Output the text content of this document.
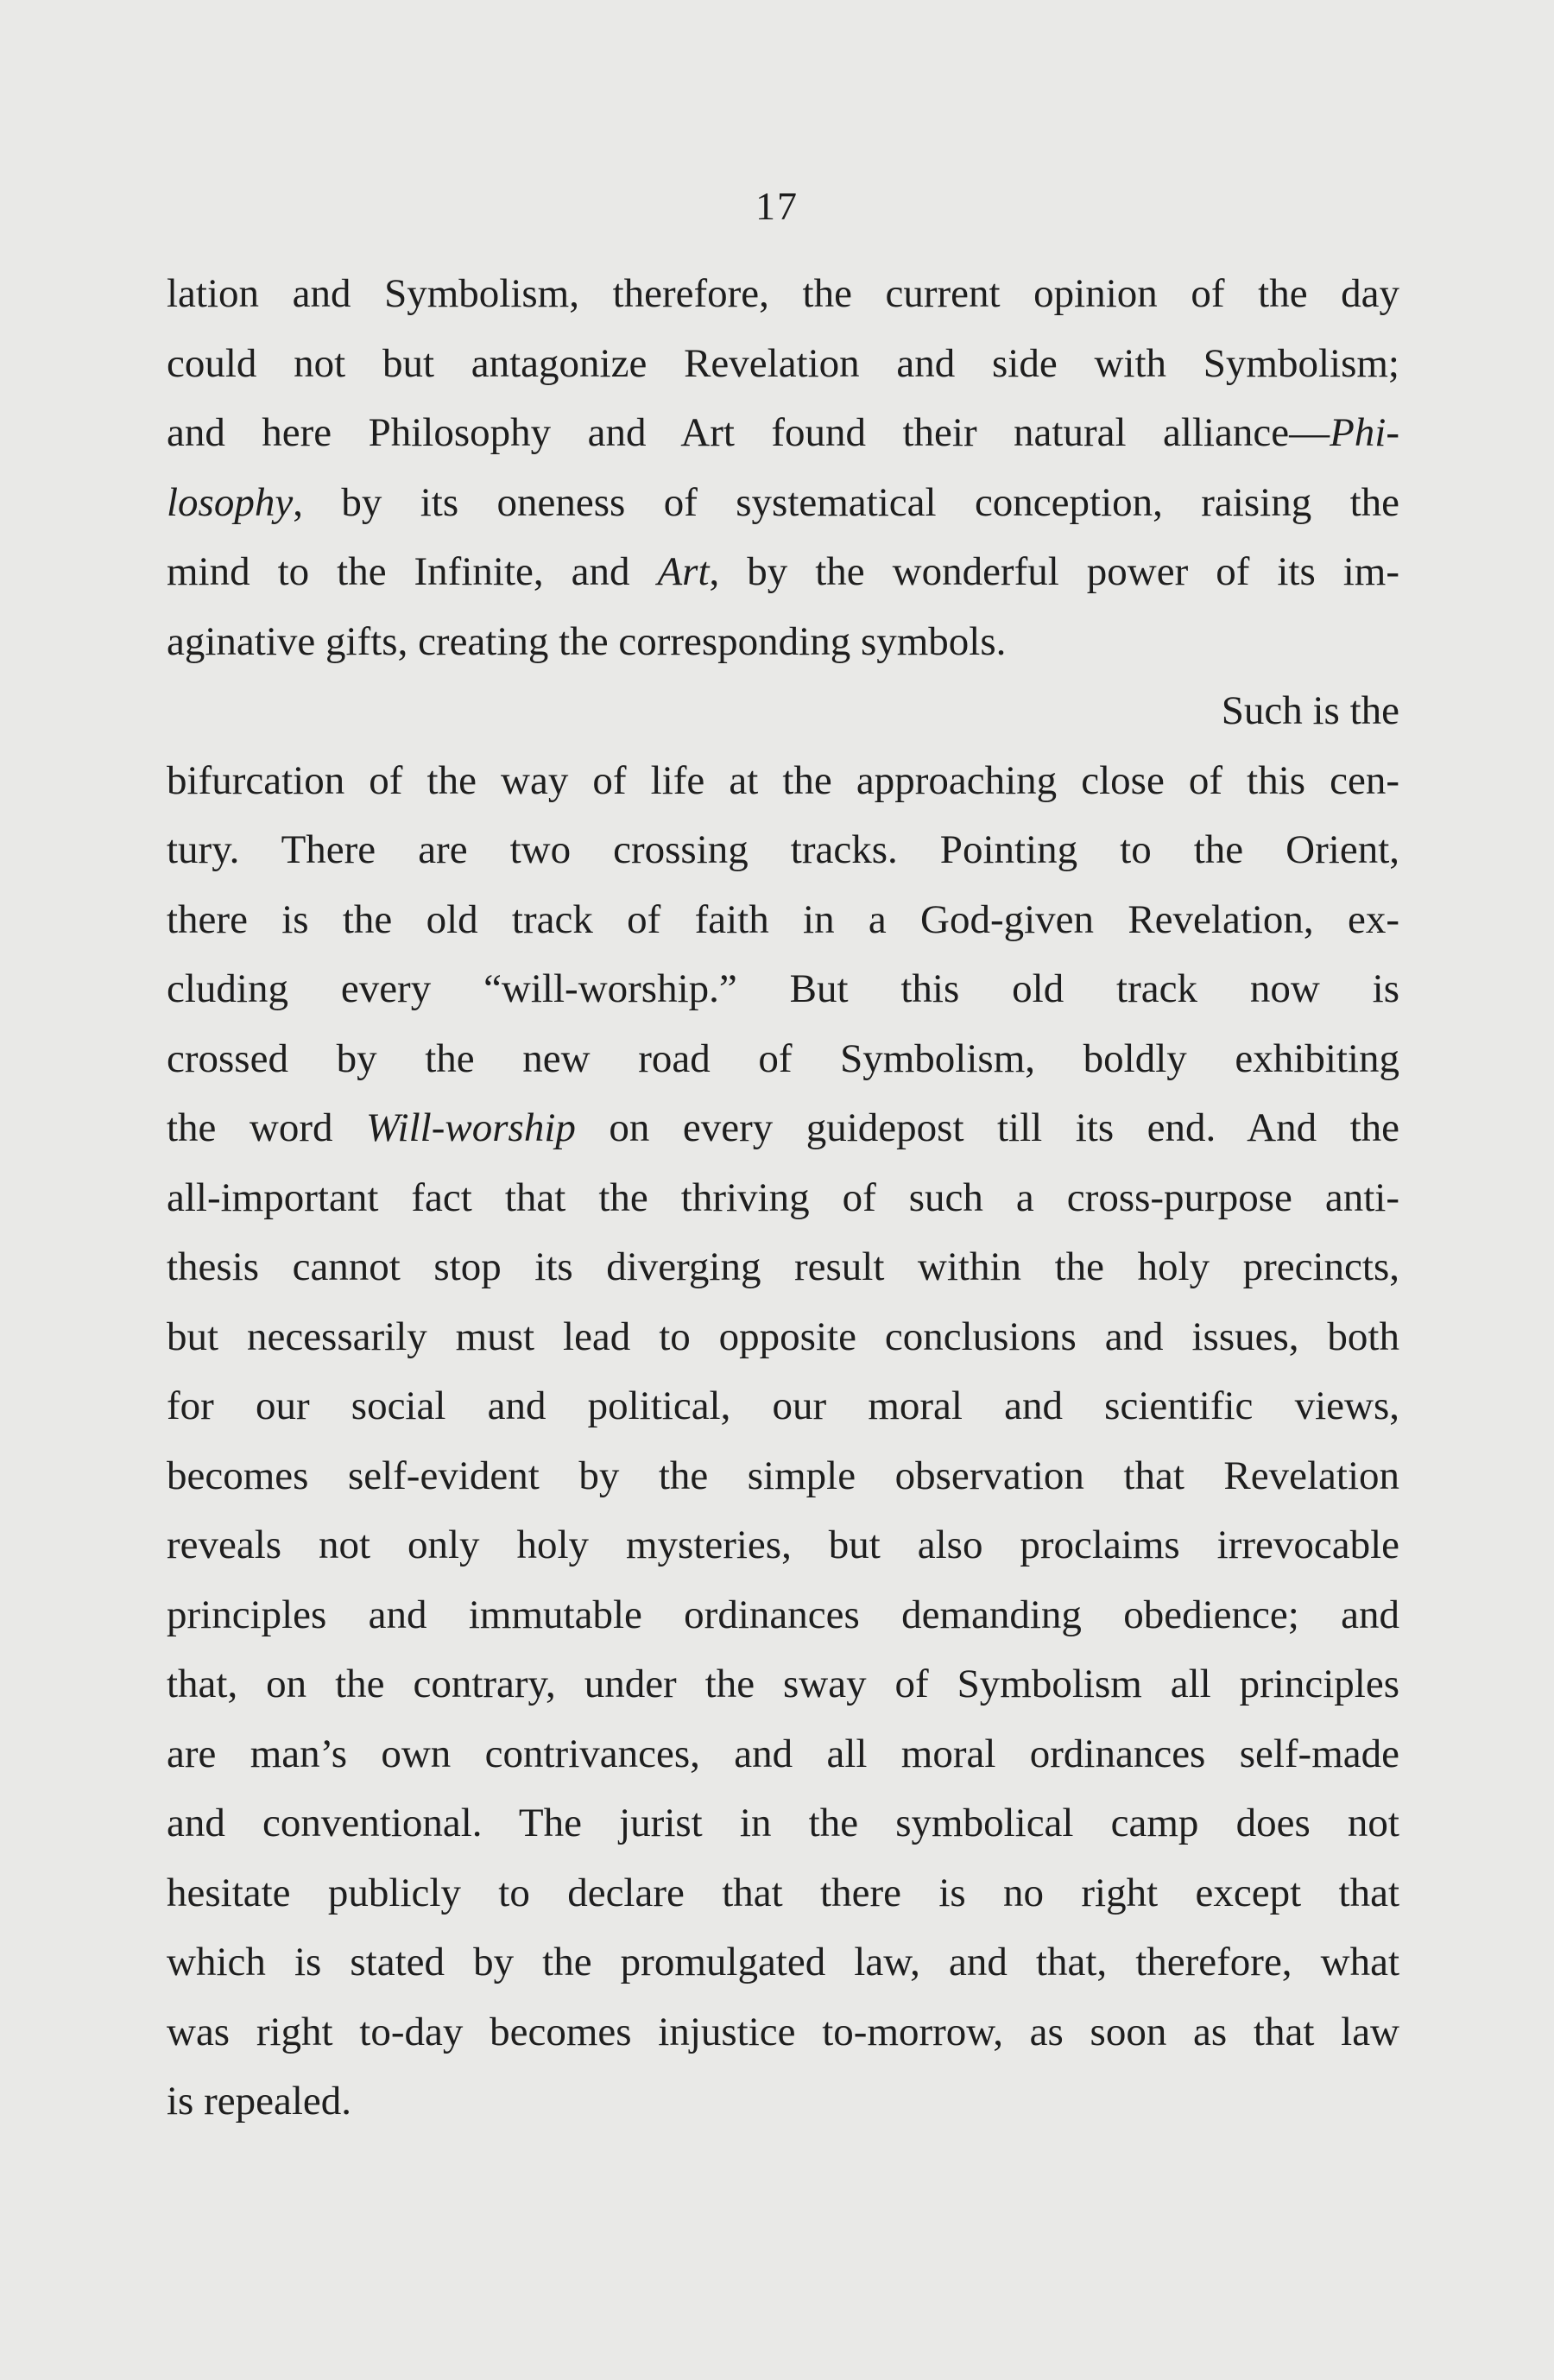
17
lation and Symbolism, therefore, the current opinion of the day
could not but antagonize Revelation and side with Symbolism;
and here Philosophy and Art found their natural alliance—Phi-
losophy, by its oneness of systematical conception, raising the
mind to the Infinite, and Art, by the wonderful power of its im-
aginative gifts, creating the corresponding symbols.
Such is the
bifurcation of the way of life at the approaching close of this cen-
tury. There are two crossing tracks. Pointing to the Orient,
there is the old track of faith in a God-given Revelation, ex-
cluding every “will-worship.” But this old track now is
crossed by the new road of Symbolism, boldly exhibiting
the word Will-worship on every guidepost till its end. And the
all-important fact that the thriving of such a cross-purpose anti-
thesis cannot stop its diverging result within the holy precincts,
but necessarily must lead to opposite conclusions and issues, both
for our social and political, our moral and scientific views,
becomes self-evident by the simple observation that Revelation
reveals not only holy mysteries, but also proclaims irrevocable
principles and immutable ordinances demanding obedience; and
that, on the contrary, under the sway of Symbolism all principles
are man’s own contrivances, and all moral ordinances self-made
and conventional. The jurist in the symbolical camp does not
hesitate publicly to declare that there is no right except that
which is stated by the promulgated law, and that, therefore, what
was right to-day becomes injustice to-morrow, as soon as that law
is repealed.
